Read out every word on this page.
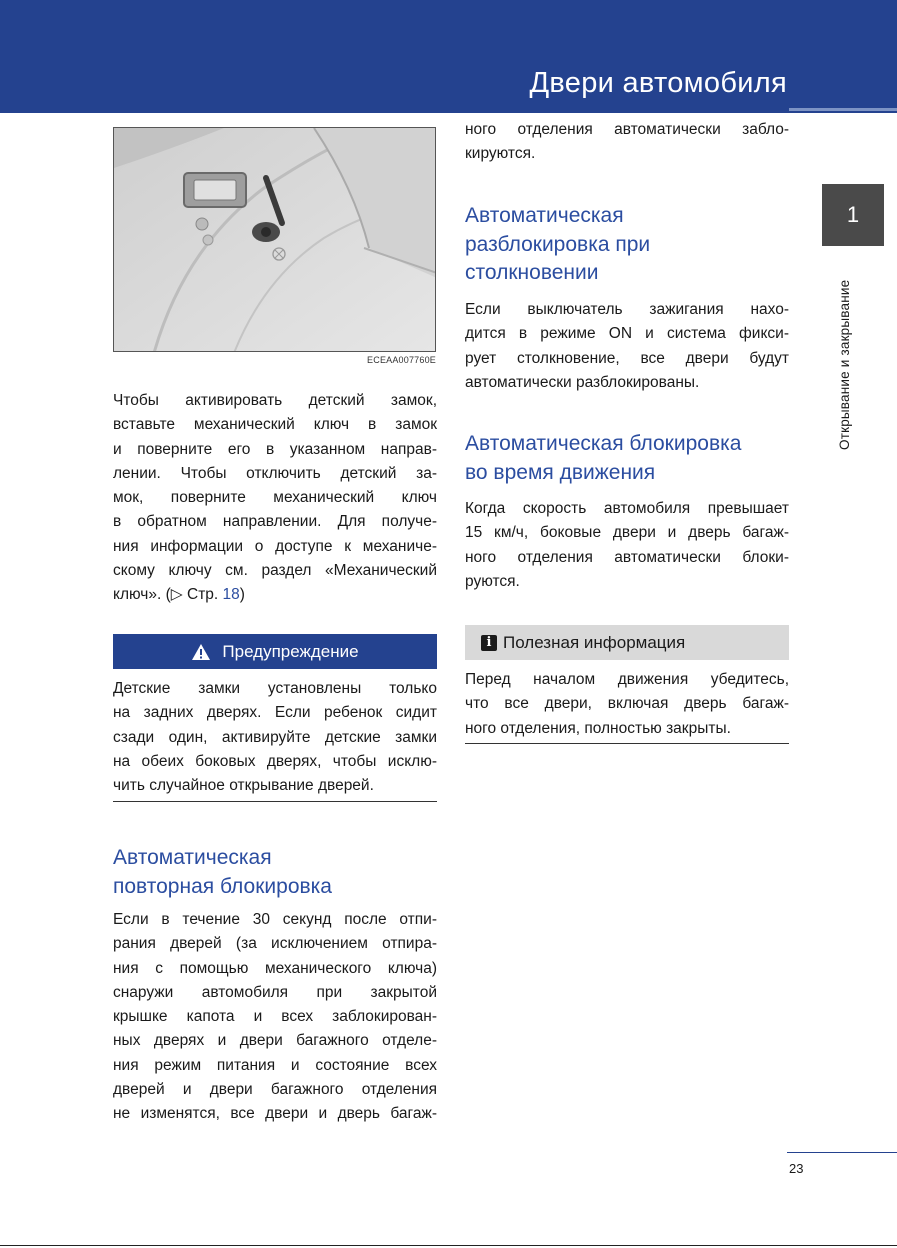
Двери автомобиля
ECEAA007760E
Чтобы активировать детский замок,
вставьте механический ключ в замок
и поверните его в указанном направ-
лении. Чтобы отключить детский за-
мок, поверните механический ключ
в обратном направлении. Для получе-
ния информации о доступе к механиче-
скому ключу см. раздел «Механический
ключ». (▷ Стр. 18)
Предупреждение
Детские замки установлены только
на задних дверях. Если ребенок сидит
сзади один, активируйте детские замки
на обеих боковых дверях, чтобы исклю-
чить случайное открывание дверей.
Автоматическая
повторная блокировка
Если в течение 30 секунд после отпи-
рания дверей (за исключением отпира-
ния с помощью механического ключа)
снаружи автомобиля при закрытой
крышке капота и всех заблокирован-
ных дверях и двери багажного отделе-
ния режим питания и состояние всех
дверей и двери багажного отделения
не изменятся, все двери и дверь багаж-
ного отделения автоматически забло-
кируются.
Автоматическая
разблокировка при
столкновении
Если выключатель зажигания нахо-
дится в режиме ON и система фикси-
рует столкновение, все двери будут
автоматически разблокированы.
Автоматическая блокировка
во время движения
Когда скорость автомобиля превышает
15 км/ч, боковые двери и дверь багаж-
ного отделения автоматически блоки-
руются.
i Полезная информация
Перед началом движения убедитесь,
что все двери, включая дверь багаж-
ного отделения, полностью закрыты.
1
Открывание и закрывание
23
